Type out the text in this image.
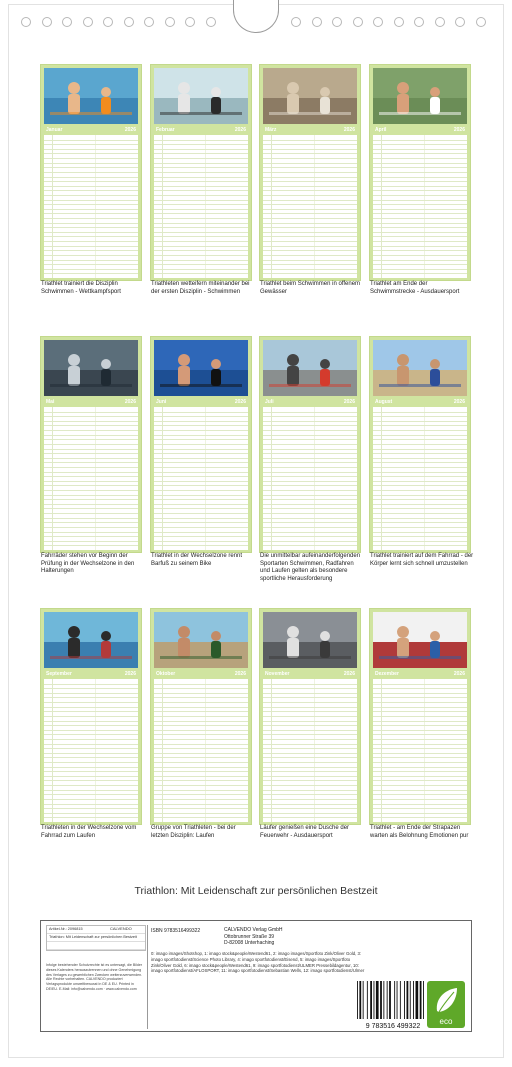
Januar	2026
Triathlet trainiert die Disziplin Schwimmen - Wettkampfsport
Februar	2026
Triathleten wetteifern miteinander bei der ersten Disziplin - Schwimmen
März	2026
Triathlet beim Schwimmen in offenem Gewässer
April	2026
Triathlet am Ende der Schwimmstrecke - Ausdauersport
Mai	2026
Fahrräder stehen vor Beginn der Prüfung in der Wechselzone in den Halterungen
Juni	2026
Triathlet in der Wechselzone rennt Barfuß zu seinem Bike
Juli	2026
Die unmittelbar aufeinanderfolgenden Sportarten Schwimmen, Radfahren und Laufen gelten als besondere sportliche Herausforderung
August	2026
Triathlet trainiert auf dem Fahrrad - der Körper lernt sich schnell umzustellen
September	2026
Triathleten in der Wechselzone vom Fahrrad zum Laufen
Oktober	2026
Gruppe von Triathleten - bei der letzten Disziplin: Laufen
November	2026
Läufer genießen eine Dusche der Feuerwehr - Ausdauersport
Dezember	2026
Triathlet - am Ende der Strapazen warten als Belohnung Emotionen pur
Triathlon: Mit Leidenschaft zur persönlichen Bestzeit
Artikel-Nr.: 2096815
Triathlon: Mit Leidenschaft zur persönlichen Bestzeit

CALVENDO
Infolge bestehender Schutzrechte ist es untersagt, die Bilder dieses Kalenders herauszutrennen und ohne Genehmigung des Verlages zu gewerblichen Zwecken weiterzuverwenden. Alle Rechte vorbehalten. CALVENDO produziert Verlagsprodukte umweltbewusst in DE & EU. Printed in DE/EU. E-Mail: info@calvendo.com · www.calvendo.com
ISBN 9783516499322	CALVENDO Verlag GmbH
Ottobrunner Straße 39
D-82008 Unterhaching
0: imago images/Shotshop, 1: imago stock&people/Westend61, 2: imago images/Sportfoto Zink/Oliver Gold, 3: imago sportfotodienst/Science Photo Library, 4: imago sportfotodienst/Eisend, 5: imago images/Sportfoto Zink/Oliver Gold, 6: imago stock&people/Westend61, 9: imago sportfotodienst/ULMER Pressebildagentur, 10: imago sportfotodienst/AFLOSPORT, 11: imago sportfotodienst/Sebastian Wells, 12: imago sportfotodienst/Ulmer
9 783516 499322
eco
